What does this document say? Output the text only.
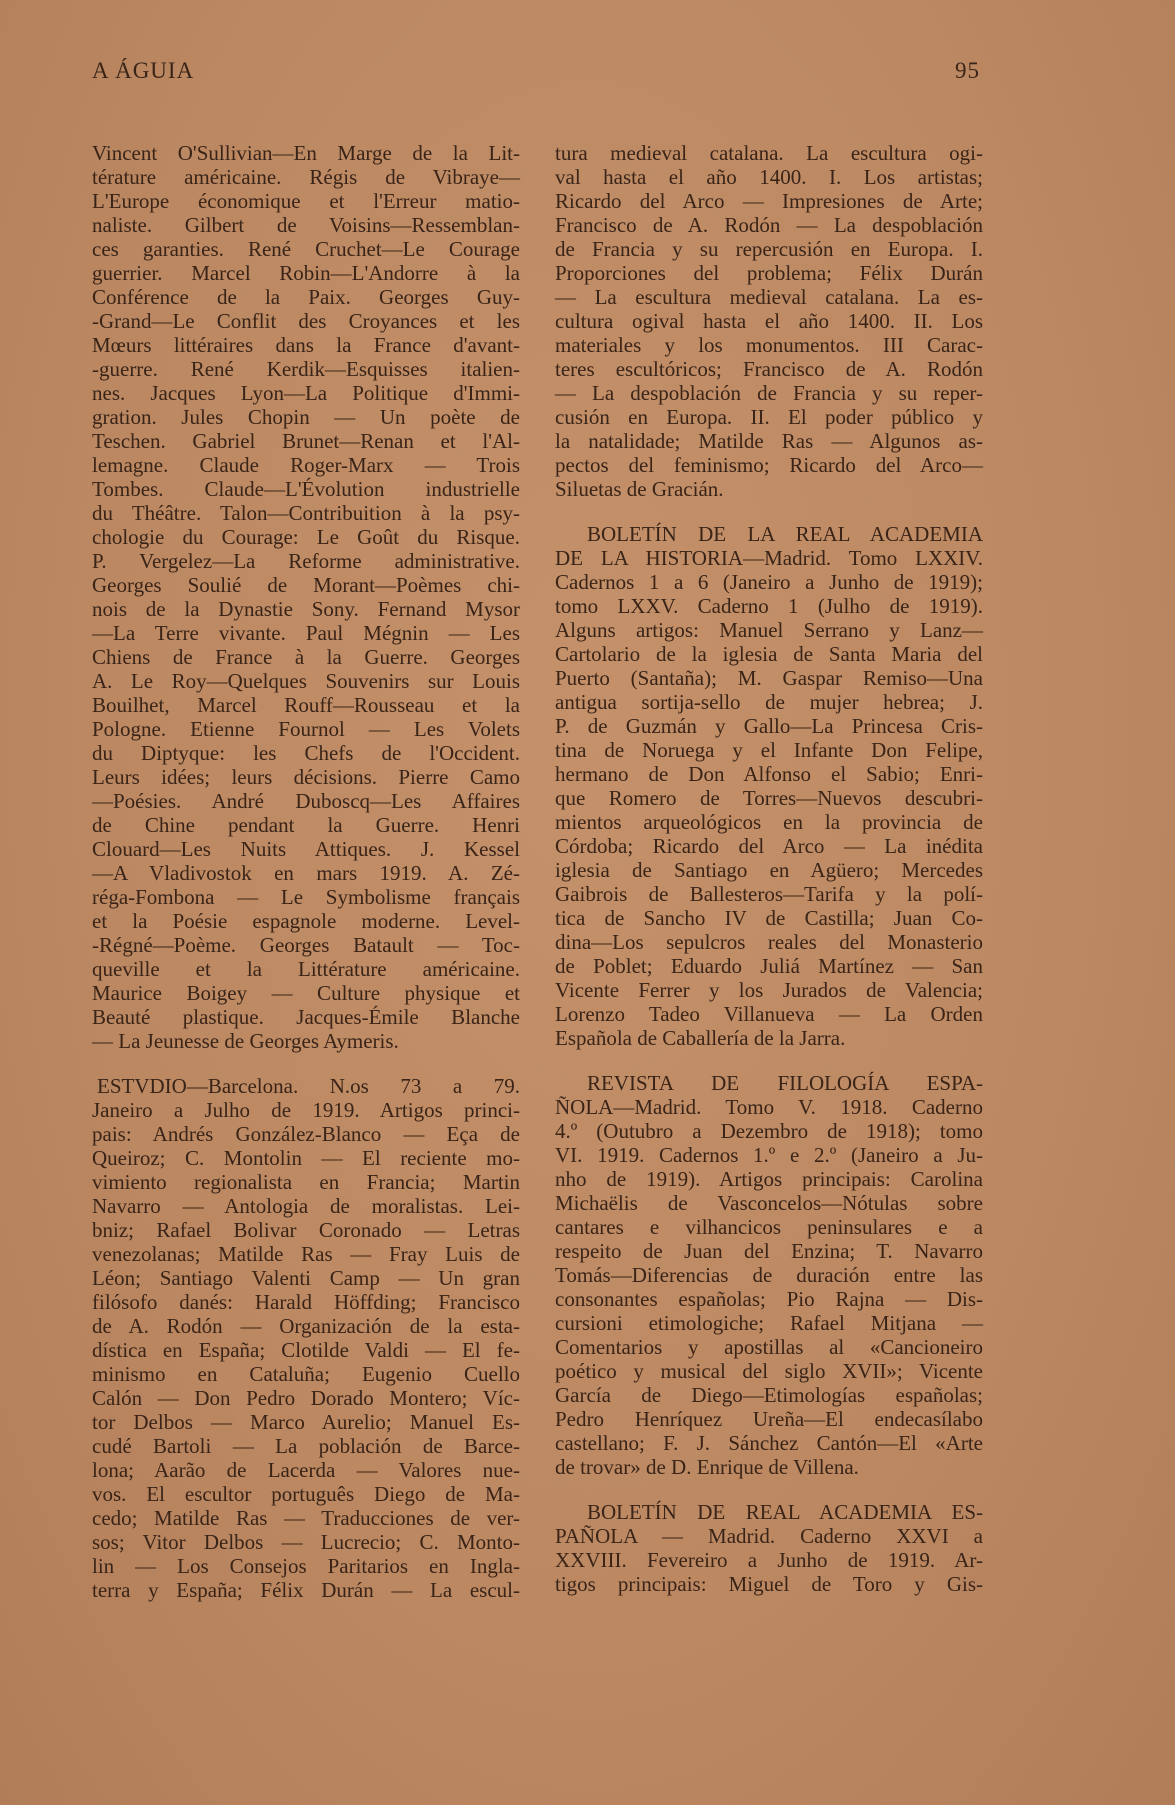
A ÁGUIA	95
Vincent O'Sullivian—En Marge de la Lit-
térature américaine. Régis de Vibraye—
L'Europe économique et l'Erreur matio-
naliste. Gilbert de Voisins—Ressemblan-
ces garanties. René Cruchet—Le Courage
guerrier. Marcel Robin—L'Andorre à la
Conférence de la Paix. Georges Guy-
-Grand—Le Conflit des Croyances et les
Mœurs littéraires dans la France d'avant-
-guerre. René Kerdik—Esquisses italien-
nes. Jacques Lyon—La Politique d'Immi-
gration. Jules Chopin — Un poète de
Teschen. Gabriel Brunet—Renan et l'Al-
lemagne. Claude Roger-Marx — Trois
Tombes. Claude—L'Évolution industrielle
du Théâtre. Talon—Contribuition à la psy-
chologie du Courage: Le Goût du Risque.
P. Vergelez—La Reforme administrative.
Georges Soulié de Morant—Poèmes chi-
nois de la Dynastie Sony. Fernand Mysor
—La Terre vivante. Paul Mégnin — Les
Chiens de France à la Guerre. Georges
A. Le Roy—Quelques Souvenirs sur Louis
Bouilhet, Marcel Rouff—Rousseau et la
Pologne. Etienne Fournol — Les Volets
du Diptyque: les Chefs de l'Occident.
Leurs idées; leurs décisions. Pierre Camo
—Poésies. André Duboscq—Les Affaires
de Chine pendant la Guerre. Henri
Clouard—Les Nuits Attiques. J. Kessel
—A Vladivostok en mars 1919. A. Zé-
réga-Fombona — Le Symbolisme français
et la Poésie espagnole moderne. Level-
-Régné—Poème. Georges Batault — Toc-
queville et la Littérature américaine.
Maurice Boigey — Culture physique et
Beauté plastique. Jacques-Émile Blanche
— La Jeunesse de Georges Aymeris.
ESTVDIO—Barcelona. N.os 73 a 79.
Janeiro a Julho de 1919. Artigos princi-
pais: Andrés González-Blanco — Eça de
Queiroz; C. Montolin — El reciente mo-
vimiento regionalista en Francia; Martin
Navarro — Antologia de moralistas. Lei-
bniz; Rafael Bolivar Coronado — Letras
venezolanas; Matilde Ras — Fray Luis de
Léon; Santiago Valenti Camp — Un gran
filósofo danés: Harald Höffding; Francisco
de A. Rodón — Organización de la esta-
dística en España; Clotilde Valdi — El fe-
minismo en Cataluña; Eugenio Cuello
Calón — Don Pedro Dorado Montero; Víc-
tor Delbos — Marco Aurelio; Manuel Es-
cudé Bartoli — La población de Barce-
lona; Aarão de Lacerda — Valores nue-
vos. El escultor português Diego de Ma-
cedo; Matilde Ras — Traducciones de ver-
sos; Vitor Delbos — Lucrecio; C. Monto-
lin — Los Consejos Paritarios en Ingla-
terra y España; Félix Durán — La escul-
tura medieval catalana. La escultura ogi-
val hasta el año 1400. I. Los artistas;
Ricardo del Arco — Impresiones de Arte;
Francisco de A. Rodón — La despoblación
de Francia y su repercusión en Europa. I.
Proporciones del problema; Félix Durán
— La escultura medieval catalana. La es-
cultura ogival hasta el año 1400. II. Los
materiales y los monumentos. III Carac-
teres escultóricos; Francisco de A. Rodón
— La despoblación de Francia y su reper-
cusión en Europa. II. El poder público y
la natalidade; Matilde Ras — Algunos as-
pectos del feminismo; Ricardo del Arco—
Siluetas de Gracián.
BOLETÍN DE LA REAL ACADEMIA
DE LA HISTORIA—Madrid. Tomo LXXIV.
Cadernos 1 a 6 (Janeiro a Junho de 1919);
tomo LXXV. Caderno 1 (Julho de 1919).
Alguns artigos: Manuel Serrano y Lanz—
Cartolario de la iglesia de Santa Maria del
Puerto (Santaña); M. Gaspar Remiso—Una
antigua sortija-sello de mujer hebrea; J.
P. de Guzmán y Gallo—La Princesa Cris-
tina de Noruega y el Infante Don Felipe,
hermano de Don Alfonso el Sabio; Enri-
que Romero de Torres—Nuevos descubri-
mientos arqueológicos en la provincia de
Córdoba; Ricardo del Arco — La inédita
iglesia de Santiago en Agüero; Mercedes
Gaibrois de Ballesteros—Tarifa y la polí-
tica de Sancho IV de Castilla; Juan Co-
dina—Los sepulcros reales del Monasterio
de Poblet; Eduardo Juliá Martínez — San
Vicente Ferrer y los Jurados de Valencia;
Lorenzo Tadeo Villanueva — La Orden
Española de Caballería de la Jarra.
REVISTA DE FILOLOGÍA ESPA-
ÑOLA—Madrid. Tomo V. 1918. Caderno
4.º (Outubro a Dezembro de 1918); tomo
VI. 1919. Cadernos 1.º e 2.º (Janeiro a Ju-
nho de 1919). Artigos principais: Carolina
Michaëlis de Vasconcelos—Nótulas sobre
cantares e vilhancicos peninsulares e a
respeito de Juan del Enzina; T. Navarro
Tomás—Diferencias de duración entre las
consonantes españolas; Pio Rajna — Dis-
cursioni etimologiche; Rafael Mitjana —
Comentarios y apostillas al «Cancioneiro
poético y musical del siglo XVII»; Vicente
García de Diego—Etimologías españolas;
Pedro Henríquez Ureña—El endecasílabo
castellano; F. J. Sánchez Cantón—El «Arte
de trovar» de D. Enrique de Villena.
BOLETÍN DE REAL ACADEMIA ES-
PAÑOLA — Madrid. Caderno XXVI a
XXVIII. Fevereiro a Junho de 1919. Ar-
tigos principais: Miguel de Toro y Gis-
